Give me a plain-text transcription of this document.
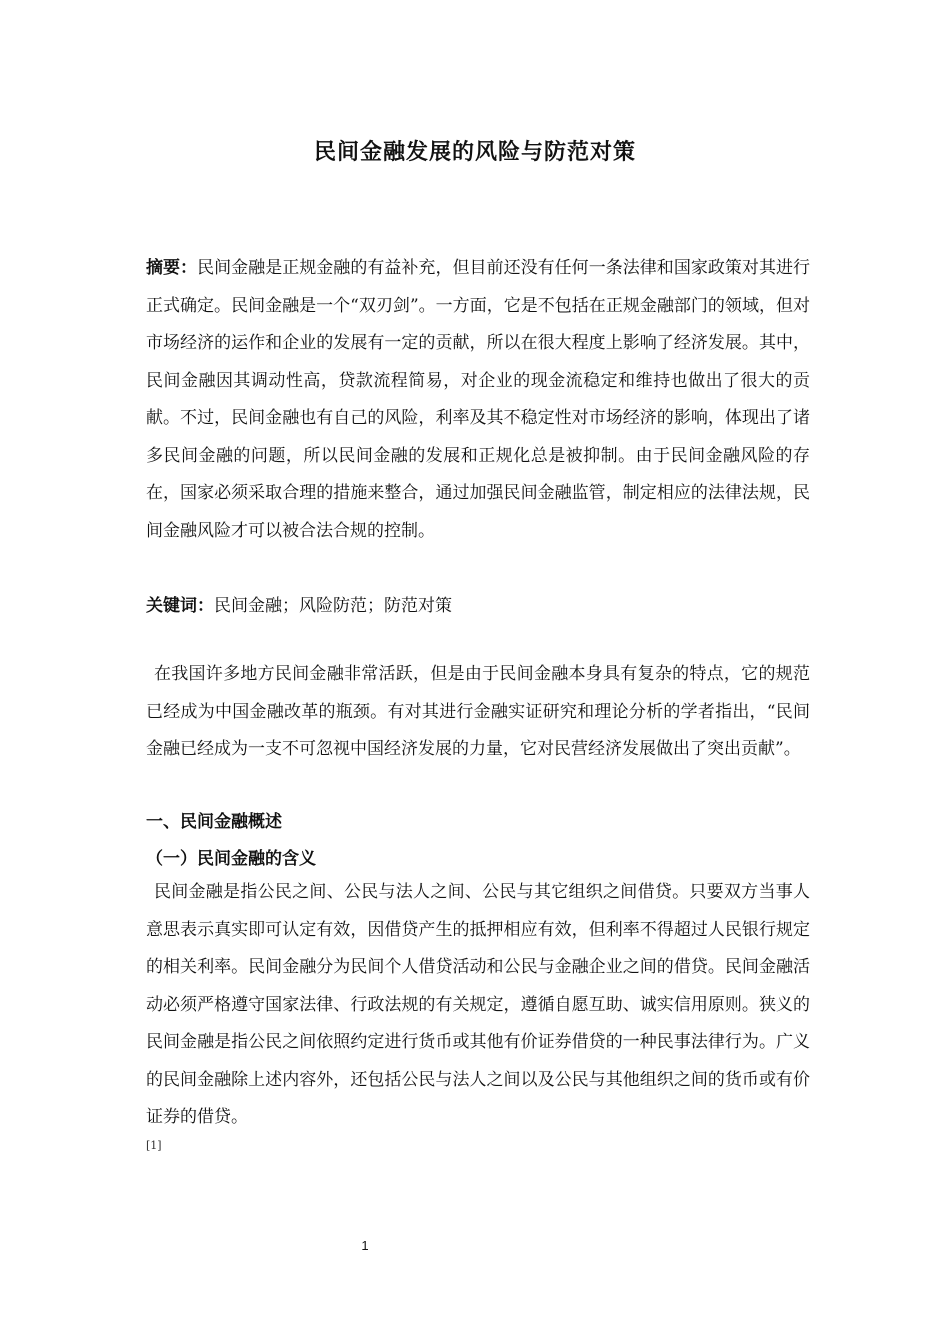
民间金融发展的风险与防范对策
摘要：民间金融是正规金融的有益补充，但目前还没有任何一条法律和国家政策对其进行正式确定。民间金融是一个“双刃剑”。一方面，它是不包括在正规金融部门的领域，但对市场经济的运作和企业的发展有一定的贡献，所以在很大程度上影响了经济发展。其中，民间金融因其调动性高，贷款流程简易，对企业的现金流稳定和维持也做出了很大的贡献。不过，民间金融也有自己的风险，利率及其不稳定性对市场经济的影响，体现出了诸多民间金融的问题，所以民间金融的发展和正规化总是被抑制。由于民间金融风险的存在，国家必须采取合理的措施来整合，通过加强民间金融监管，制定相应的法律法规，民间金融风险才可以被合法合规的控制。
关键词：民间金融；风险防范；防范对策
在我国许多地方民间金融非常活跃，但是由于民间金融本身具有复杂的特点，它的规范已经成为中国金融改革的瓶颈。有对其进行金融实证研究和理论分析的学者指出，“民间金融已经成为一支不可忽视中国经济发展的力量，它对民营经济发展做出了突出贡献”。
一、民间金融概述
（一）民间金融的含义
民间金融是指公民之间、公民与法人之间、公民与其它组织之间借贷。只要双方当事人意思表示真实即可认定有效，因借贷产生的抵押相应有效，但利率不得超过人民银行规定的相关利率。民间金融分为民间个人借贷活动和公民与金融企业之间的借贷。民间金融活动必须严格遵守国家法律、行政法规的有关规定，遵循自愿互助、诚实信用原则。狭义的民间金融是指公民之间依照约定进行货币或其他有价证券借贷的一种民事法律行为。广义的民间金融除上述内容外，还包括公民与法人之间以及公民与其他组织之间的货币或有价证券的借贷。
[1]
1
